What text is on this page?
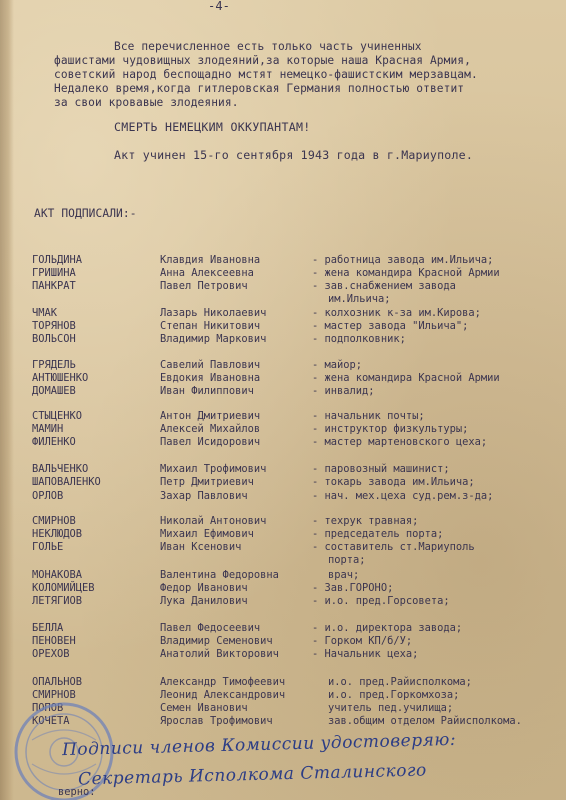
-4-
Все перечисленное есть только часть учиненных
фашистами чудовищных злодеяний,за которые наша Красная Армия,
советский народ беспощадно мстят немецко-фашистским мерзавцам.
Недалеко время,когда гитлеровская Германия полностью ответит
за свои кровавые злодеяния.
СМЕРТЬ НЕМЕЦКИМ ОККУПАНТАМ!
Акт учинен 15-го сентября 1943 года в г.Мариуполе.
АКТ ПОДПИСАЛИ:-
ГОЛЬДИНА	Клавдия Ивановна	- работница завода им.Ильича;
ГРИШИНА	Анна Алексеевна	- жена командира Красной Армии
ПАНКРАТ	Павел Петрович	- зав.снабжением завода
им.Ильича;
ЧМАК	Лазарь Николаевич	- колхозник к-за им.Кирова;
ТОРЯНОВ	Степан Никитович	- мастер завода "Ильича";
ВОЛЬСОН	Владимир Маркович	- подполковник;
ГРЯДЕЛЬ	Савелий Павлович	- майор;
АНТЮШЕНКО	Евдокия Ивановна	- жена командира Красной Армии
ДОМАШЕВ	Иван Филиппович	- инвалид;
СТЫЦЕНКО	Антон Дмитриевич	- начальник почты;
МАМИН	Алексей Михайлов	- инструктор физкультуры;
ФИЛЕНКО	Павел Исидорович	- мастер мартеновского цеха;
ВАЛЬЧЕНКО	Михаил Трофимович	- паровозный машинист;
ШАПОВАЛЕНКО	Петр Дмитриевич	- токарь завода им.Ильича;
ОРЛОВ	Захар Павлович	- нач. мех.цеха суд.рем.з-да;
СМИРНОВ	Николай Антонович	- техрук травная;
НЕКЛЮДОВ	Михаил Ефимович	- председатель порта;
ГОЛЬЕ	Иван Ксенович	- составитель ст.Мариуполь
порта;
МОНАКОВА	Валентина Федоровна	врач;
КОЛОМИЙЦЕВ	Федор Иванович	- Зав.ГОРОНО;
ЛЕТЯГИОВ	Лука Данилович	- и.о. пред.Горсовета;
БЕЛЛА	Павел Федосеевич	- и.о. директора завода;
ПЕНОВЕН	Владимир Семенович	- Горком КП/б/У;
ОРЕХОВ	Анатолий Викторович	- Начальник цеха;
ОПАЛЬНОВ	Александр Тимофеевич	и.о. пред.Райисполкома;
СМИРНОВ	Леонид Александрович	и.о. пред.Горкомхоза;
ПОПОВ	Семен Иванович	учитель пед.училища;
КОЧЕТА	Ярослав Трофимович	зав.общим отделом Райисполкома.
Подписи членов Комиссии удостоверяю:
Секретарь Исполкома Сталинского
верно:
